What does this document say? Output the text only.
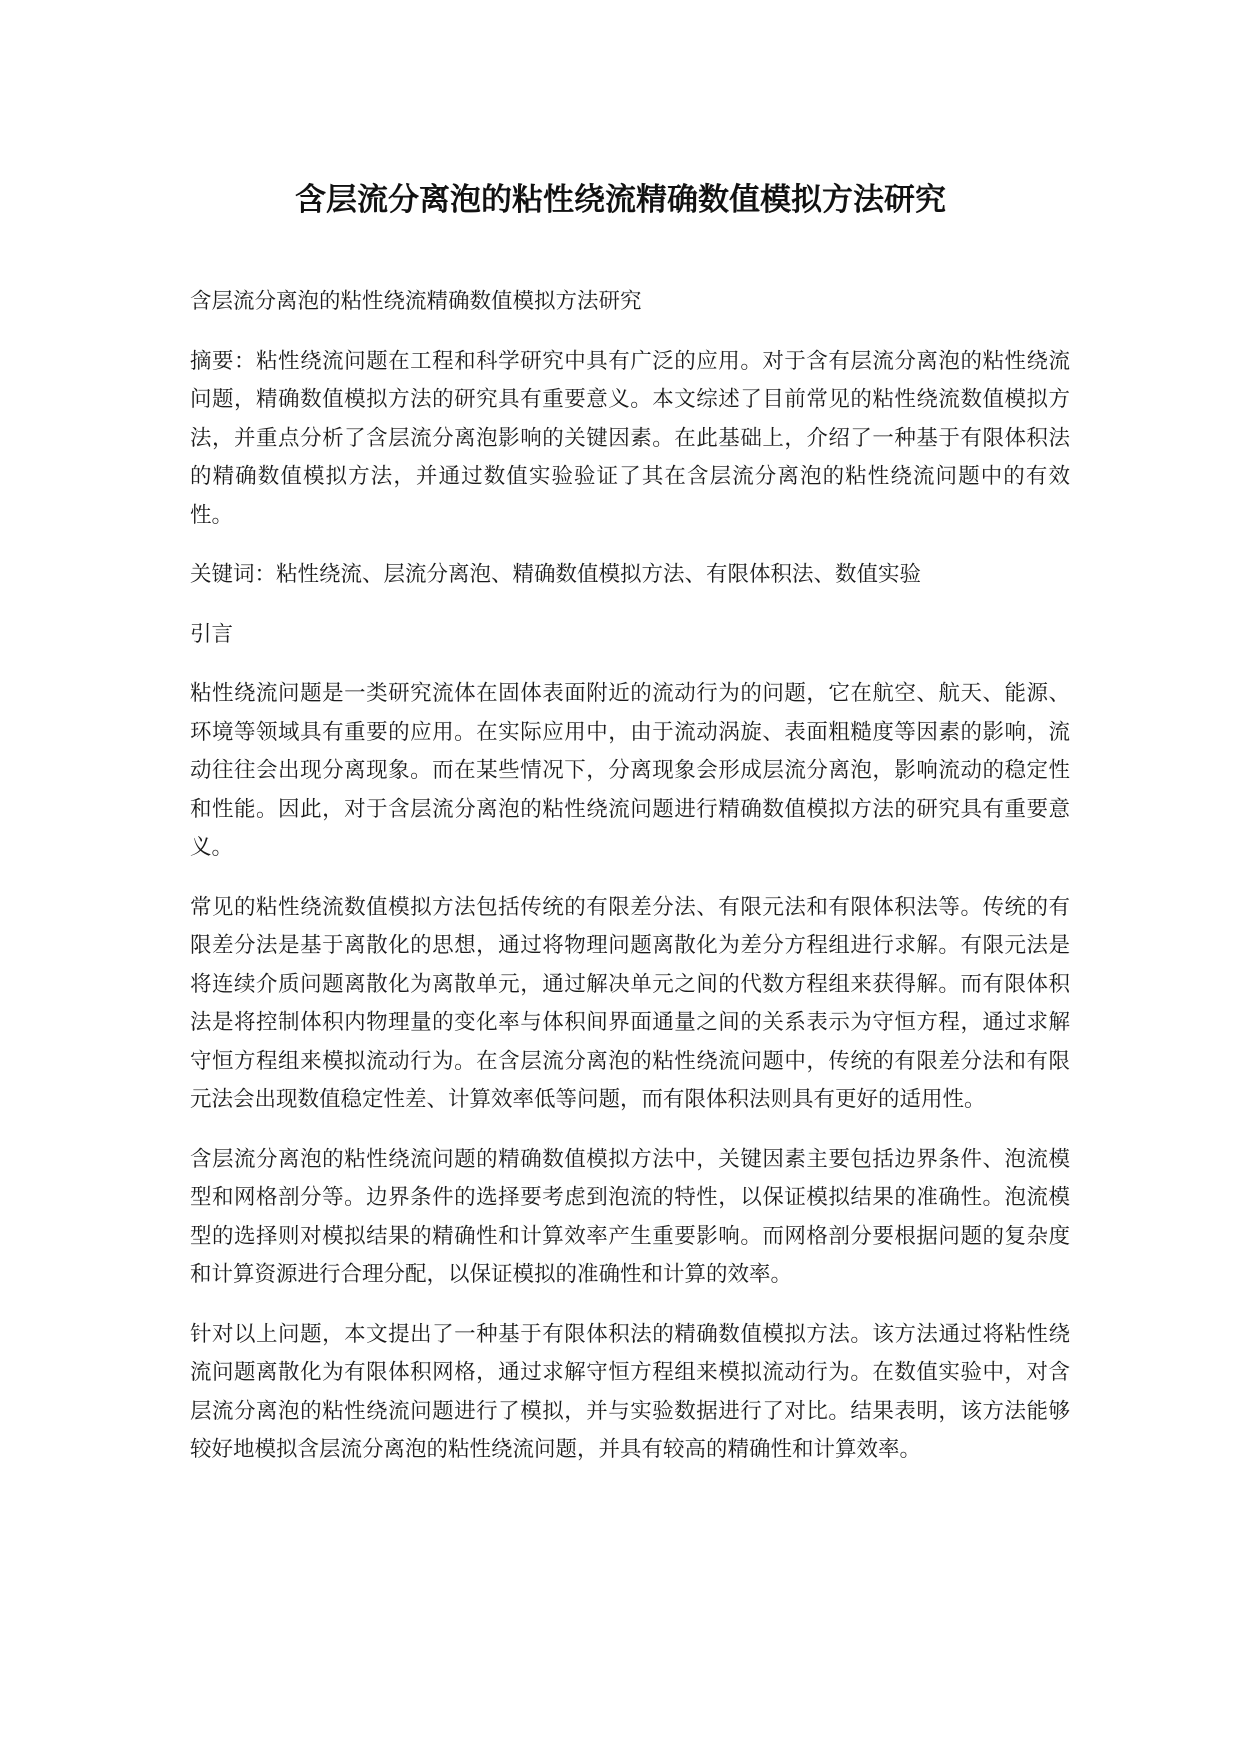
含层流分离泡的粘性绕流精确数值模拟方法研究

含层流分离泡的粘性绕流精确数值模拟方法研究

摘要：粘性绕流问题在工程和科学研究中具有广泛的应用。对于含有层流分离泡的粘性绕流问题，精确数值模拟方法的研究具有重要意义。本文综述了目前常见的粘性绕流数值模拟方法，并重点分析了含层流分离泡影响的关键因素。在此基础上，介绍了一种基于有限体积法的精确数值模拟方法，并通过数值实验验证了其在含层流分离泡的粘性绕流问题中的有效性。

关键词：粘性绕流、层流分离泡、精确数值模拟方法、有限体积法、数值实验

引言

粘性绕流问题是一类研究流体在固体表面附近的流动行为的问题，它在航空、航天、能源、环境等领域具有重要的应用。在实际应用中，由于流动涡旋、表面粗糙度等因素的影响，流动往往会出现分离现象。而在某些情况下，分离现象会形成层流分离泡，影响流动的稳定性和性能。因此，对于含层流分离泡的粘性绕流问题进行精确数值模拟方法的研究具有重要意义。

常见的粘性绕流数值模拟方法包括传统的有限差分法、有限元法和有限体积法等。传统的有限差分法是基于离散化的思想，通过将物理问题离散化为差分方程组进行求解。有限元法是将连续介质问题离散化为离散单元，通过解决单元之间的代数方程组来获得解。而有限体积法是将控制体积内物理量的变化率与体积间界面通量之间的关系表示为守恒方程，通过求解守恒方程组来模拟流动行为。在含层流分离泡的粘性绕流问题中，传统的有限差分法和有限元法会出现数值稳定性差、计算效率低等问题，而有限体积法则具有更好的适用性。

含层流分离泡的粘性绕流问题的精确数值模拟方法中，关键因素主要包括边界条件、泡流模型和网格剖分等。边界条件的选择要考虑到泡流的特性，以保证模拟结果的准确性。泡流模型的选择则对模拟结果的精确性和计算效率产生重要影响。而网格剖分要根据问题的复杂度和计算资源进行合理分配，以保证模拟的准确性和计算的效率。

针对以上问题，本文提出了一种基于有限体积法的精确数值模拟方法。该方法通过将粘性绕流问题离散化为有限体积网格，通过求解守恒方程组来模拟流动行为。在数值实验中，对含层流分离泡的粘性绕流问题进行了模拟，并与实验数据进行了对比。结果表明，该方法能够较好地模拟含层流分离泡的粘性绕流问题，并具有较高的精确性和计算效率。
